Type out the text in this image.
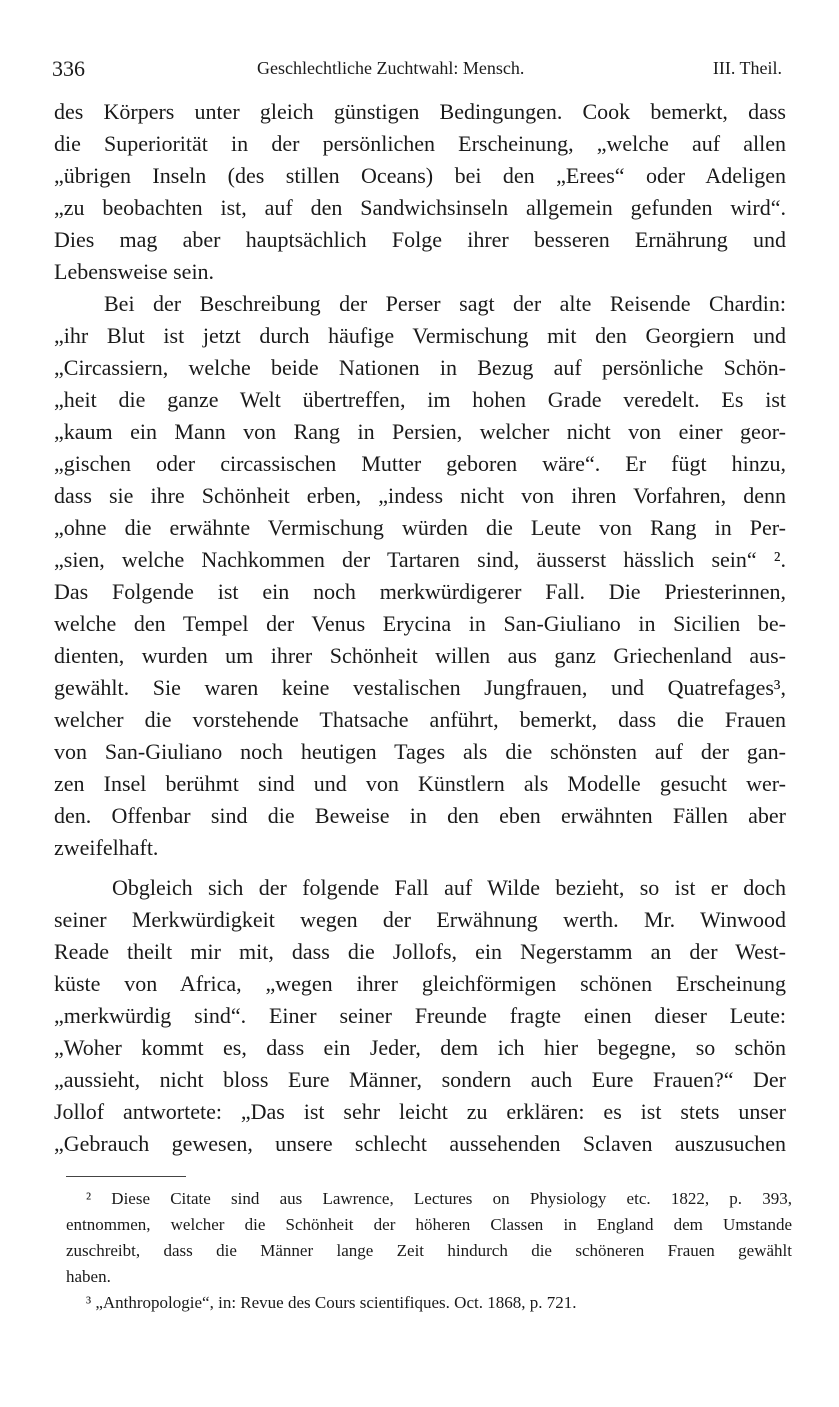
336	Geschlechtliche Zuchtwahl: Mensch.	III. Theil.
des Körpers unter gleich günstigen Bedingungen. Cook bemerkt, dass
die Superiorität in der persönlichen Erscheinung, „welche auf allen
„übrigen Inseln (des stillen Oceans) bei den „Erees“ oder Adeligen
„zu beobachten ist, auf den Sandwichsinseln allgemein gefunden wird“.
Dies mag aber hauptsächlich Folge ihrer besseren Ernährung und
Lebensweise sein.
Bei der Beschreibung der Perser sagt der alte Reisende Chardin:
„ihr Blut ist jetzt durch häufige Vermischung mit den Georgiern und
„Circassiern, welche beide Nationen in Bezug auf persönliche Schön-
„heit die ganze Welt übertreffen, im hohen Grade veredelt. Es ist
„kaum ein Mann von Rang in Persien, welcher nicht von einer geor-
„gischen oder circassischen Mutter geboren wäre“. Er fügt hinzu,
dass sie ihre Schönheit erben, „indess nicht von ihren Vorfahren, denn
„ohne die erwähnte Vermischung würden die Leute von Rang in Per-
„sien, welche Nachkommen der Tartaren sind, äusserst hässlich sein“ ².
Das Folgende ist ein noch merkwürdigerer Fall. Die Priesterinnen,
welche den Tempel der Venus Erycina in San-Giuliano in Sicilien be-
dienten, wurden um ihrer Schönheit willen aus ganz Griechenland aus-
gewählt. Sie waren keine vestalischen Jungfrauen, und Quatrefages³,
welcher die vorstehende Thatsache anführt, bemerkt, dass die Frauen
von San-Giuliano noch heutigen Tages als die schönsten auf der gan-
zen Insel berühmt sind und von Künstlern als Modelle gesucht wer-
den. Offenbar sind die Beweise in den eben erwähnten Fällen aber
zweifelhaft.
Obgleich sich der folgende Fall auf Wilde bezieht, so ist er doch
seiner Merkwürdigkeit wegen der Erwähnung werth. Mr. Winwood
Reade theilt mir mit, dass die Jollofs, ein Negerstamm an der West-
küste von Africa, „wegen ihrer gleichförmigen schönen Erscheinung
„merkwürdig sind“. Einer seiner Freunde fragte einen dieser Leute:
„Woher kommt es, dass ein Jeder, dem ich hier begegne, so schön
„aussieht, nicht bloss Eure Männer, sondern auch Eure Frauen?“ Der
Jollof antwortete: „Das ist sehr leicht zu erklären: es ist stets unser
„Gebrauch gewesen, unsere schlecht aussehenden Sclaven auszusuchen
² Diese Citate sind aus Lawrence, Lectures on Physiology etc. 1822, p. 393,
entnommen, welcher die Schönheit der höheren Classen in England dem Umstande
zuschreibt, dass die Männer lange Zeit hindurch die schöneren Frauen gewählt
haben.
³ „Anthropologie“, in: Revue des Cours scientifiques. Oct. 1868, p. 721.
